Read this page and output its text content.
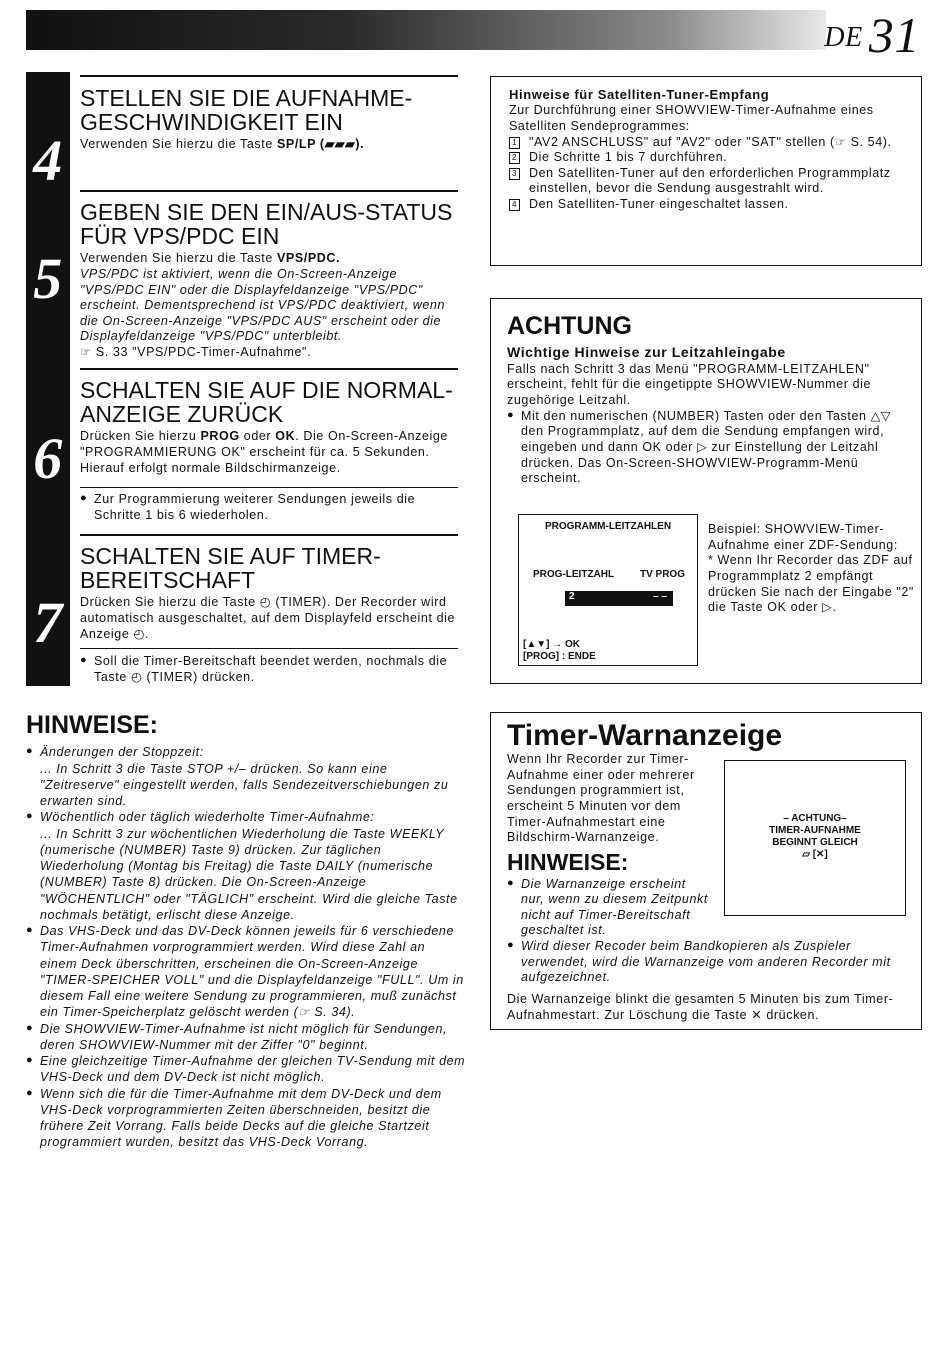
DE 31
4
5
6
7
STELLEN SIE DIE AUFNAHME-GESCHWINDIGKEIT EIN

Verwenden Sie hierzu die Taste SP/LP (▰▰▰).

GEBEN SIE DEN EIN/AUS-STATUS FÜR VPS/PDC EIN

Verwenden Sie hierzu die Taste VPS/PDC.

VPS/PDC ist aktiviert, wenn die On-Screen-Anzeige "VPS/PDC EIN" oder die Displayfeldanzeige "VPS/PDC" erscheint. Dementsprechend ist VPS/PDC deaktiviert, wenn die On-Screen-Anzeige "VPS/PDC AUS" erscheint oder die Displayfeldanzeige "VPS/PDC" unterbleibt.

☞ S. 33 "VPS/PDC-Timer-Aufnahme".

SCHALTEN SIE AUF DIE NORMAL-ANZEIGE ZURÜCK

Drücken Sie hierzu PROG oder OK. Die On-Screen-Anzeige "PROGRAMMIERUNG OK" erscheint für ca. 5 Sekunden. Hierauf erfolgt normale Bildschirmanzeige.

● Zur Programmierung weiterer Sendungen jeweils die Schritte 1 bis 6 wiederholen.

SCHALTEN SIE AUF TIMER-BEREITSCHAFT

Drücken Sie hierzu die Taste ◴ (TIMER). Der Recorder wird automatisch ausgeschaltet, auf dem Displayfeld erscheint die Anzeige ◴.

● Soll die Timer-Bereitschaft beendet werden, nochmals die Taste ◴ (TIMER) drücken.

Hinweise für Satelliten-Tuner-Empfang

Zur Durchführung einer SHOWVIEW-Timer-Aufnahme eines Satelliten Sendeprogrammes:

1 "AV2 ANSCHLUSS" auf "AV2" oder "SAT" stellen (☞ S. 54).
2 Die Schritte 1 bis 7 durchführen.
3 Den Satelliten-Tuner auf den erforderlichen Programmplatz einstellen, bevor die Sendung ausgestrahlt wird.
4 Den Satelliten-Tuner eingeschaltet lassen.
ACHTUNG
Wichtige Hinweise zur Leitzahleingabe

Falls nach Schritt 3 das Menü "PROGRAMM-LEITZAHLEN" erscheint, fehlt für die eingetippte SHOWVIEW-Nummer die zugehörige Leitzahl.

● Mit den numerischen (NUMBER) Tasten oder den Tasten △▽ den Programmplatz, auf dem die Sendung empfangen wird, eingeben und dann OK oder ▷ zur Einstellung der Leitzahl drücken. Das On-Screen-SHOWVIEW-Programm-Menü erscheint.

PROGRAMM-LEITZAHLEN
PROG-LEITZAHL	TV PROG
2	– –
[▲▼] → OK
[PROG] : ENDE

Beispiel: SHOWVIEW-Timer-Aufnahme einer ZDF-Sendung:

* Wenn Ihr Recorder das ZDF auf Programmplatz 2 empfängt drücken Sie nach der Eingabe "2" die Taste OK oder ▷.

HINWEISE:

● Änderungen der Stoppzeit:

... In Schritt 3 die Taste STOP +/– drücken. So kann eine "Zeitreserve" eingestellt werden, falls Sendezeitverschiebungen zu erwarten sind.

● Wöchentlich oder täglich wiederholte Timer-Aufnahme:

... In Schritt 3 zur wöchentlichen Wiederholung die Taste WEEKLY (numerische (NUMBER) Taste 9) drücken. Zur täglichen Wiederholung (Montag bis Freitag) die Taste DAILY (numerische (NUMBER) Taste 8) drücken. Die On-Screen-Anzeige "WÖCHENTLICH" oder "TÄGLICH" erscheint. Wird die gleiche Taste nochmals betätigt, erlischt diese Anzeige.

● Das VHS-Deck und das DV-Deck können jeweils für 6 verschiedene Timer-Aufnahmen vorprogrammiert werden. Wird diese Zahl an einem Deck überschritten, erscheinen die On-Screen-Anzeige "TIMER-SPEICHER VOLL" und die Displayfeldanzeige "FULL". Um in diesem Fall eine weitere Sendung zu programmieren, muß zunächst ein Timer-Speicherplatz gelöscht werden (☞ S. 34).

● Die SHOWVIEW-Timer-Aufnahme ist nicht möglich für Sendungen, deren SHOWVIEW-Nummer mit der Ziffer "0" beginnt.

● Eine gleichzeitige Timer-Aufnahme der gleichen TV-Sendung mit dem VHS-Deck und dem DV-Deck ist nicht möglich.

● Wenn sich die für die Timer-Aufnahme mit dem DV-Deck und dem VHS-Deck vorprogrammierten Zeiten überschneiden, besitzt die frühere Zeit Vorrang. Falls beide Decks auf die gleiche Startzeit programmiert wurden, besitzt das VHS-Deck Vorrang.

Timer-Warnanzeige

Wenn Ihr Recorder zur Timer-Aufnahme einer oder mehrerer Sendungen programmiert ist, erscheint 5 Minuten vor dem Timer-Aufnahmestart eine Bildschirm-Warnanzeige.

HINWEISE:

● Die Warnanzeige erscheint nur, wenn zu diesem Zeitpunkt nicht auf Timer-Bereitschaft geschaltet ist.

● Wird dieser Recoder beim Bandkopieren als Zuspieler verwendet, wird die Warnanzeige vom anderen Recorder mit aufgezeichnet.

Die Warnanzeige blinkt die gesamten 5 Minuten bis zum Timer-Aufnahmestart. Zur Löschung die Taste ✕ drücken.

– ACHTUNG–
TIMER-AUFNAHME
BEGINNT GLEICH
⏥ [✕]
